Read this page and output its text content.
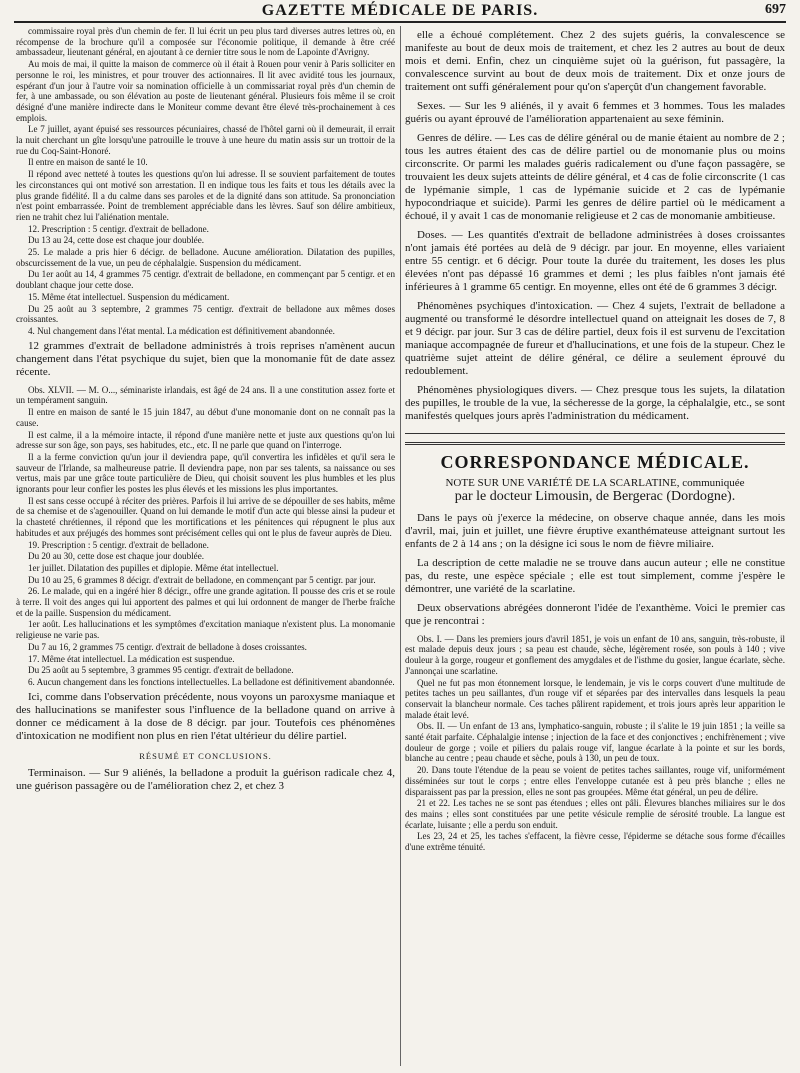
GAZETTE MÉDICALE DE PARIS.	697

commissaire royal près d'un chemin de fer. Il lui écrit un peu plus tard diverses autres lettres où, en récompense de la brochure qu'il a composée sur l'économie politique, il demande à être créé ambassadeur, lieutenant général, en ajoutant à ce dernier titre sous le nom de Lapointe d'Avrigny.

Au mois de mai, il quitte la maison de commerce où il était à Rouen pour venir à Paris solliciter en personne le roi, les ministres, et pour trouver des actionnaires. Il lit avec avidité tous les journaux, espérant d'un jour à l'autre voir sa nomination officielle à un commissariat royal près d'un chemin de fer, à une ambassade, ou son élévation au poste de lieutenant général. Plusieurs fois même il se croit désigné d'une manière indirecte dans le Moniteur comme devant être élevé très-prochainement à ces emplois.

Le 7 juillet, ayant épuisé ses ressources pécuniaires, chassé de l'hôtel garni où il demeurait, il errait la nuit cherchant un gîte lorsqu'une patrouille le trouve à une heure du matin assis sur un trottoir de la rue du Coq-Saint-Honoré.

Il entre en maison de santé le 10.

Il répond avec netteté à toutes les questions qu'on lui adresse. Il se souvient parfaitement de toutes les circonstances qui ont motivé son arrestation. Il en indique tous les faits et tous les détails avec la plus grande fidélité. Il a du calme dans ses paroles et de la dignité dans son attitude. Sa prononciation n'est point embarrassée. Point de tremblement appréciable dans les lèvres. Sauf son délire ambitieux, rien ne trahit chez lui l'aliénation mentale.

12. Prescription : 5 centigr. d'extrait de belladone.

Du 13 au 24, cette dose est chaque jour doublée.

25. Le malade a pris hier 6 décigr. de belladone. Aucune amélioration. Dilatation des pupilles, obscurcissement de la vue, un peu de céphalalgie. Suspension du médicament.

Du 1er août au 14, 4 grammes 75 centigr. d'extrait de belladone, en commençant par 5 centigr. et en doublant chaque jour cette dose.

15. Même état intellectuel. Suspension du médicament.

Du 25 août au 3 septembre, 2 grammes 75 centigr. d'extrait de belladone aux mêmes doses croissantes.

4. Nul changement dans l'état mental. La médication est définitivement abandonnée.

12 grammes d'extrait de belladone administrés à trois reprises n'amènent aucun changement dans l'état psychique du sujet, bien que la monomanie fût de date assez récente.

Obs. XLVII. — M. O..., séminariste irlandais, est âgé de 24 ans. Il a une constitution assez forte et un tempérament sanguin.

Il entre en maison de santé le 15 juin 1847, au début d'une monomanie dont on ne connaît pas la cause.

Il est calme, il a la mémoire intacte, il répond d'une manière nette et juste aux questions qu'on lui adresse sur son âge, son pays, ses habitudes, etc., etc. Il ne parle que quand on l'interroge.

Il a la ferme conviction qu'un jour il deviendra pape, qu'il convertira les infidèles et qu'il sera le sauveur de l'Irlande, sa malheureuse patrie. Il deviendra pape, non par ses talents, sa naissance ou ses vertus, mais par une grâce toute particulière de Dieu, qui choisit souvent les plus humbles et les plus ignorants pour leur confier les postes les plus élevés et les missions les plus importantes.

Il est sans cesse occupé à réciter des prières. Parfois il lui arrive de se dépouiller de ses habits, même de sa chemise et de s'agenouiller. Quand on lui demande le motif d'un acte qui blesse ainsi la pudeur et la chasteté chrétiennes, il répond que les mortifications et les pénitences qui répugnent le plus aux habitudes et aux préjugés des hommes sont précisément celles qui ont le plus de faveur auprès de Dieu.

19. Prescription : 5 centigr. d'extrait de belladone.

Du 20 au 30, cette dose est chaque jour doublée.

1er juillet. Dilatation des pupilles et diplopie. Même état intellectuel.

Du 10 au 25, 6 grammes 8 décigr. d'extrait de belladone, en commençant par 5 centigr. par jour.

26. Le malade, qui en a ingéré hier 8 décigr., offre une grande agitation. Il pousse des cris et se roule à terre. Il voit des anges qui lui apportent des palmes et qui lui ordonnent de manger de l'herbe fraîche et de la paille. Suspension du médicament.

1er août. Les hallucinations et les symptômes d'excitation maniaque n'existent plus. La monomanie religieuse ne varie pas.

Du 7 au 16, 2 grammes 75 centigr. d'extrait de belladone à doses croissantes.

17. Même état intellectuel. La médication est suspendue.

Du 25 août au 5 septembre, 3 grammes 95 centigr. d'extrait de belladone.

6. Aucun changement dans les fonctions intellectuelles. La belladone est définitivement abandonnée.

Ici, comme dans l'observation précédente, nous voyons un paroxysme maniaque et des hallucinations se manifester sous l'influence de la belladone quand on arrive à donner ce médicament à la dose de 8 décigr. par jour. Toutefois ces phénomènes d'intoxication ne modifient non plus en rien l'état ultérieur du délire partiel.

RÉSUMÉ ET CONCLUSIONS.

Terminaison. — Sur 9 aliénés, la belladone a produit la guérison radicale chez 4, une guérison passagère ou de l'amélioration chez 2, et chez 3

elle a échoué complétement. Chez 2 des sujets guéris, la convalescence se manifeste au bout de deux mois de traitement, et chez les 2 autres au bout de deux mois et demi. Enfin, chez un cinquième sujet où la guérison, fut passagère, la convalescence survint au bout de deux mois de traitement. Dix et onze jours de traitement ont suffi généralement pour qu'on s'aperçût d'un changement favorable.

Sexes. — Sur les 9 aliénés, il y avait 6 femmes et 3 hommes. Tous les malades guéris ou ayant éprouvé de l'amélioration appartenaient au sexe féminin.

Genres de délire. — Les cas de délire général ou de manie étaient au nombre de 2 ; tous les autres étaient des cas de délire partiel ou de monomanie plus ou moins circonscrite. Or parmi les malades guéris radicalement ou d'une façon passagère, se trouvaient les deux sujets atteints de délire général, et 4 cas de folie circonscrite (1 cas de lypémanie simple, 1 cas de lypémanie suicide et 2 cas de lypémanie hypocondriaque et suicide). Parmi les genres de délire partiel où le médicament a échoué, il y avait 1 cas de monomanie religieuse et 2 cas de monomanie ambitieuse.

Doses. — Les quantités d'extrait de belladone administrées à doses croissantes n'ont jamais été portées au delà de 9 décigr. par jour. En moyenne, elles variaient entre 55 centigr. et 6 décigr. Pour toute la durée du traitement, les doses les plus élevées n'ont pas dépassé 16 grammes et demi ; les plus faibles n'ont jamais été inférieures à 1 gramme 65 centigr. En moyenne, elles ont été de 6 grammes 3 décigr.

Phénomènes psychiques d'intoxication. — Chez 4 sujets, l'extrait de belladone a augmenté ou transformé le désordre intellectuel quand on atteignait les doses de 7, 8 et 9 décigr. par jour. Sur 3 cas de délire partiel, deux fois il est survenu de l'excitation maniaque accompagnée de fureur et d'hallucinations, et une fois de la stupeur. Chez le quatrième sujet atteint de délire général, ce délire a seulement éprouvé du redoublement.

Phénomènes physiologiques divers. — Chez presque tous les sujets, la dilatation des pupilles, le trouble de la vue, la sécheresse de la gorge, la céphalalgie, etc., se sont manifestés quelques jours après l'administration du médicament.

CORRESPONDANCE MÉDICALE.
NOTE SUR UNE VARIÉTÉ DE LA SCARLATINE, communiquée
par le docteur Limousin, de Bergerac (Dordogne).

Dans le pays où j'exerce la médecine, on observe chaque année, dans les mois d'avril, mai, juin et juillet, une fièvre éruptive exanthémateuse atteignant surtout les enfants de 2 à 14 ans ; on la désigne ici sous le nom de fièvre miliaire.

La description de cette maladie ne se trouve dans aucun auteur ; elle ne constitue pas, du reste, une espèce spéciale ; elle est tout simplement, comme j'espère le démontrer, une variété de la scarlatine.

Deux observations abrégées donneront l'idée de l'exanthème. Voici le premier cas que je rencontrai :

Obs. I. — Dans les premiers jours d'avril 1851, je vois un enfant de 10 ans, sanguin, très-robuste, il est malade depuis deux jours ; sa peau est chaude, sèche, légèrement rosée, son pouls à 140 ; vive douleur à la gorge, rougeur et gonflement des amygdales et de l'isthme du gosier, langue écarlate, sèche. J'annonçai une scarlatine.

Quel ne fut pas mon étonnement lorsque, le lendemain, je vis le corps couvert d'une multitude de petites taches un peu saillantes, d'un rouge vif et séparées par des intervalles dans lesquels la peau conservait la blancheur normale. Ces taches pâlirent rapidement, et trois jours après leur apparition le malade était levé.

Obs. II. — Un enfant de 13 ans, lymphatico-sanguin, robuste ; il s'alite le 19 juin 1851 ; la veille sa santé était parfaite. Céphalalgie intense ; injection de la face et des conjonctives ; enchifrènement ; vive douleur de gorge ; voile et piliers du palais rouge vif, langue écarlate à la pointe et sur les bords, blanche au centre ; peau chaude et sèche, pouls à 130, un peu de toux.

20. Dans toute l'étendue de la peau se voient de petites taches saillantes, rouge vif, uniformément disséminées sur tout le corps ; entre elles l'enveloppe cutanée est à peu près blanche ; elles ne disparaissent pas par la pression, elles ne sont pas groupées. Même état général, un peu de délire.

21 et 22. Les taches ne se sont pas étendues ; elles ont pâli. Élevures blanches miliaires sur le dos des mains ; elles sont constituées par une petite vésicule remplie de sérosité trouble. La langue est écarlate, luisante ; elle a perdu son enduit.

Les 23, 24 et 25, les taches s'effacent, la fièvre cesse, l'épiderme se détache sous forme d'écailles d'une extrême ténuité.
